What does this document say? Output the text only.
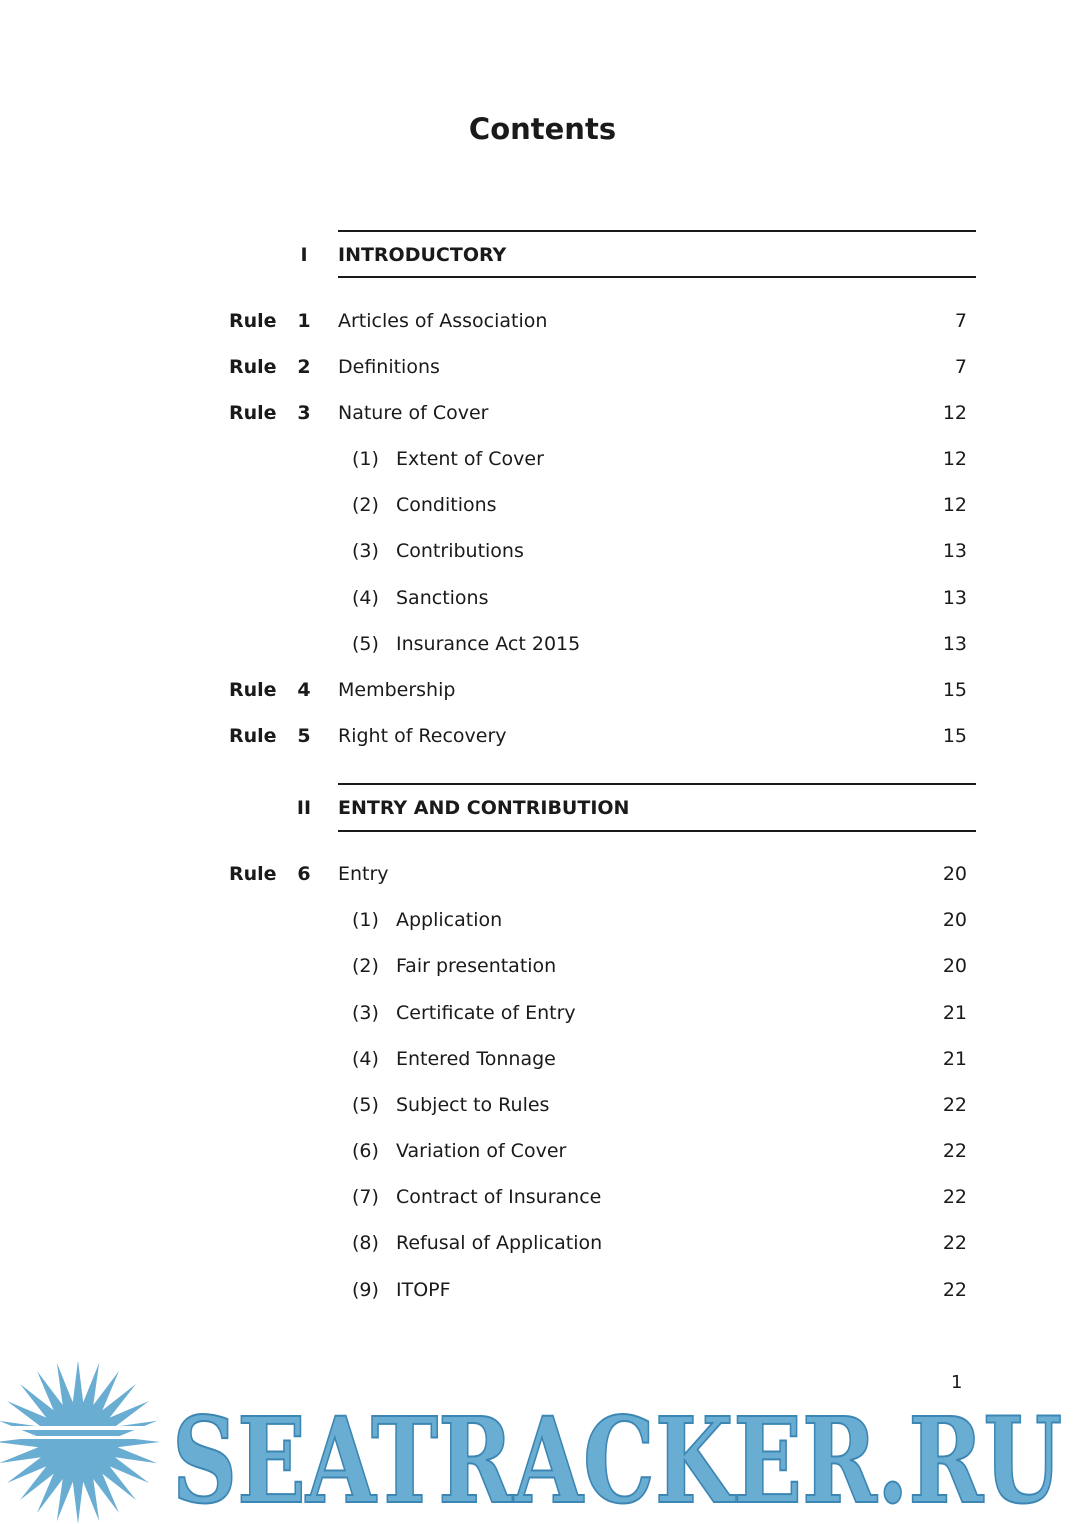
Contents
I	INTRODUCTORY
Rule 1 Articles of Association	7
Rule 2 Definitions	7
Rule 3 Nature of Cover	12
(1) Extent of Cover	12
(2) Conditions	12
(3) Contributions	13
(4) Sanctions	13
(5) Insurance Act 2015	13
Rule 4 Membership	15
Rule 5 Right of Recovery	15
II ENTRY AND CONTRIBUTION
Rule 6 Entry	20
(1) Application	20
(2) Fair presentation	20
(3) Certificate of Entry	21
(4) Entered Tonnage	21
(5) Subject to Rules	22
(6) Variation of Cover	22
(7) Contract of Insurance	22
(8) Refusal of Application	22
(9) ITOPF	22
1
SEATRACKER.RU
